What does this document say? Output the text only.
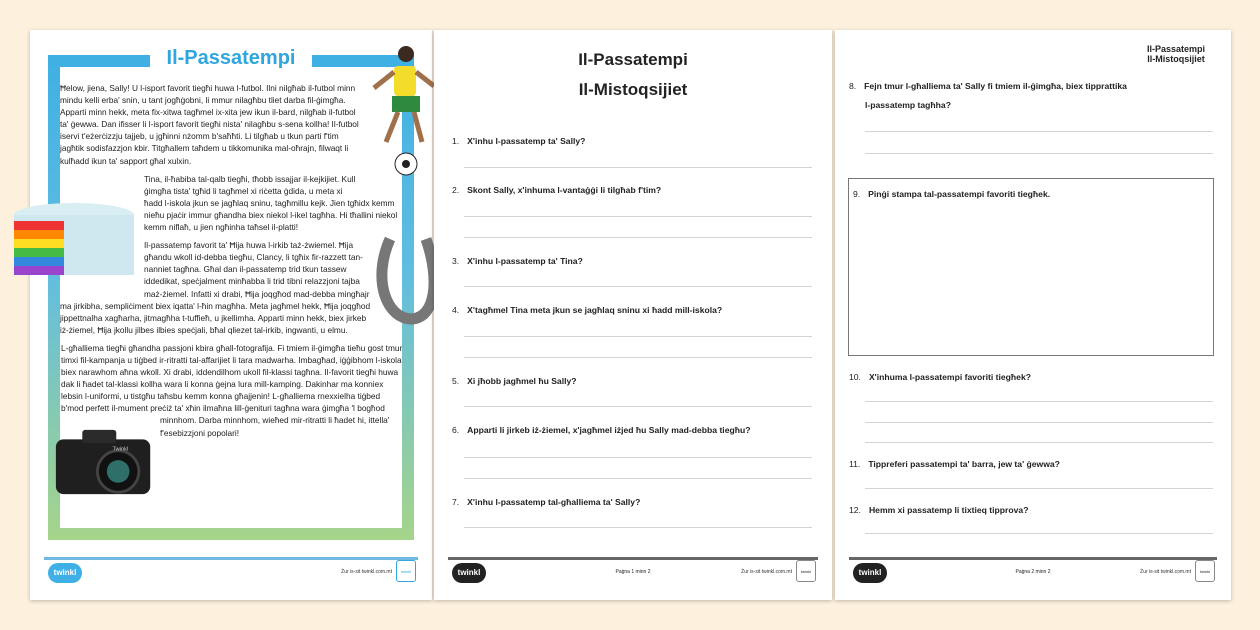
Il-Passatempi

Ħelow, jiena, Sally! U l-isport favorit tiegħi huwa l-futbol. Ilni nilgħab il-futbol minn mindu kelli erba' snin, u tant jogħġobni, li mmur nilagħbu tliet darba fil-ġimgħa. Apparti minn hekk, meta fix-xitwa tagħmel ix-xita jew ikun il-bard, nilgħab il-futbol ta' ġewwa. Dan ifisser li l-isport favorit tiegħi nista' nilagħbu s-sena kollha! Il-futbol iservi t'eżerċizzju tajjeb, u jgħinni nżomm b'saħħti. Li tilgħab u tkun parti f'tim jagħtik sodisfazzjon kbir. Titgħallem taħdem u tikkomunika mal-oħrajn, filwaqt li kulħadd ikun ta' sapport għal xulxin.

Tina, il-ħabiba tal-qalb tiegħi, tħobb issajjar il-kejkijiet. Kull ġimgħa tista' tgħid li tagħmel xi riċetta ġdida, u meta xi ħadd l-iskola jkun se jagħlaq sninu, tagħmillu kejk. Jien tgħidx kemm nieħu pjaċir immur għandha biex niekol l-ikel tagħha. Hi tħallini niekol kemm niflaħ, u jien ngħinha taħsel il-platti!

Il-passatemp favorit ta' Ħija huwa l-irkib taż-żwiemel. Ħija għandu wkoll id-debba tiegħu, Clancy, li tgħix fir-razzett tan-nanniet tagħna. Għal dan il-passatemp trid tkun tassew iddedikat, speċjalment minħabba li trid tibni relazzjoni tajba maż-żiemel. Infatti xi drabi, Ħija joqgħod mad-debba mingħajr ma jirkibha, sempliċiment biex iqatta' l-ħin magħha. Meta jagħmel hekk, Ħija joqgħod jippettnalha xagħarha, jitmagħha t-tuffieħ, u jkellimha. Apparti minn hekk, biex jirkeb iż-żiemel, Ħija jkollu jilbes ilbies speċjali, bħal qliezet tal-irkib, ingwanti, u elmu.

Twinkl
L-għalliema tiegħi għandha passjoni kbira għall-fotografija. Fi tmiem il-ġimgħa tieħu gost tmur timxi fil-kampanja u tiġbed ir-ritratti tal-affarijiet li tara madwarha. Imbagħad, iġġibhom l-iskola biex narawhom aħna wkoll. Xi drabi, iddendilhom ukoll fil-klassi tagħna. Il-favorit tiegħi huwa dak li ħadet tal-klassi kollha wara li konna ġejna lura mill-kamping. Dakinhar ma konniex lebsin l-uniformi, u tistgħu taħsbu kemm konna għajjenin! L-għalliema rnexxielha tiġbed b'mod perfett il-mument preċiż ta' xħin ilmaħna lill-ġenituri tagħna wara ġimgħa 'l bogħod minnhom. Darba minnhom, wieħed mir-ritratti li ħadet hi, ittella' f'esebizzjoni popolari!

twinkl	Żur is-sit twinkl.com.mt	twinkl
Il-Passatempi
Il-Mistoqsijiet
1. X'inhu l-passatemp ta' Sally?
2. Skont Sally, x'inhuma l-vantaġġi li tilgħab f'tim?
3. X'inhu l-passatemp ta' Tina?
4. X'tagħmel Tina meta jkun se jagħlaq sninu xi ħadd mill-iskola?
5. Xi jħobb jagħmel ħu Sally?
6. Apparti li jirkeb iż-żiemel, x'jagħmel iżjed ħu Sally mad-debba tiegħu?
7. X'inhu l-passatemp tal-għalliema ta' Sally?
twinkl	Paġna 1 minn 2	Żur is-sit twinkl.com.mt	twinkl
Il-Passatempi
Il-Mistoqsijiet
8. Fejn tmur l-għalliema ta' Sally fi tmiem il-ġimgħa, biex tipprattika
l-passatemp tagħha?
9. Pinġi stampa tal-passatempi favoriti tiegħek.
10. X'inhuma l-passatempi favoriti tiegħek?
11. Tippreferi passatempi ta' barra, jew ta' ġewwa?
12. Hemm xi passatemp li tixtieq tipprova?
twinkl	Paġna 2 minn 2	Żur is-sit twinkl.com.mt	twinkl
